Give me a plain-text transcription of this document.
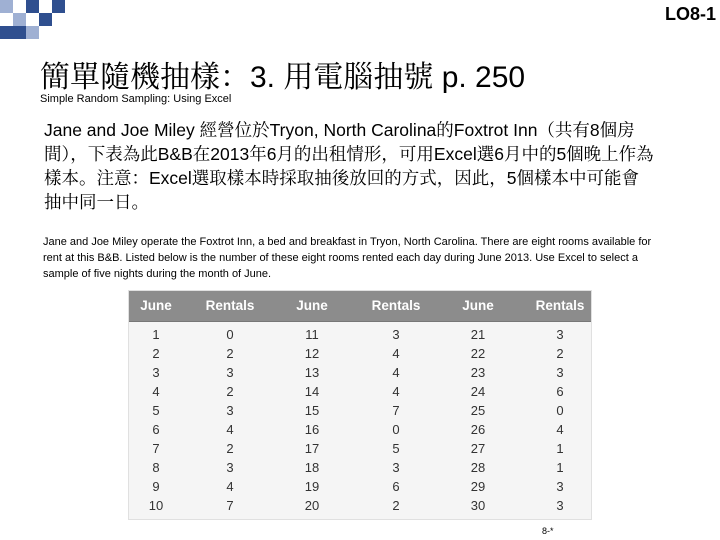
LO8-1
簡單隨機抽樣：3. 用電腦抽號 p. 250
Simple Random Sampling: Using Excel
Jane and Joe Miley 經營位於Tryon, North Carolina的Foxtrot Inn（共有8個房間），下表為此B&B在2013年6月的出租情形，可用Excel選6月中的5個晚上作為樣本。注意：Excel選取樣本時採取抽後放回的方式，因此，5個樣本中可能會抽中同一日。
Jane and Joe Miley operate the Foxtrot Inn, a bed and breakfast in Tryon, North Carolina. There are eight rooms available for rent at this B&B. Listed below is the number of these eight rooms rented each day during June 2013. Use Excel to select a sample of five nights during the month of June.
June	Rentals	June	Rentals	June	Rentals
1	0	11	3	21	3
2	2	12	4	22	2
3	3	13	4	23	3
4	2	14	4	24	6
5	3	15	7	25	0
6	4	16	0	26	4
7	2	17	5	27	1
8	3	18	3	28	1
9	4	19	6	29	3
10	7	20	2	30	3
8-*
